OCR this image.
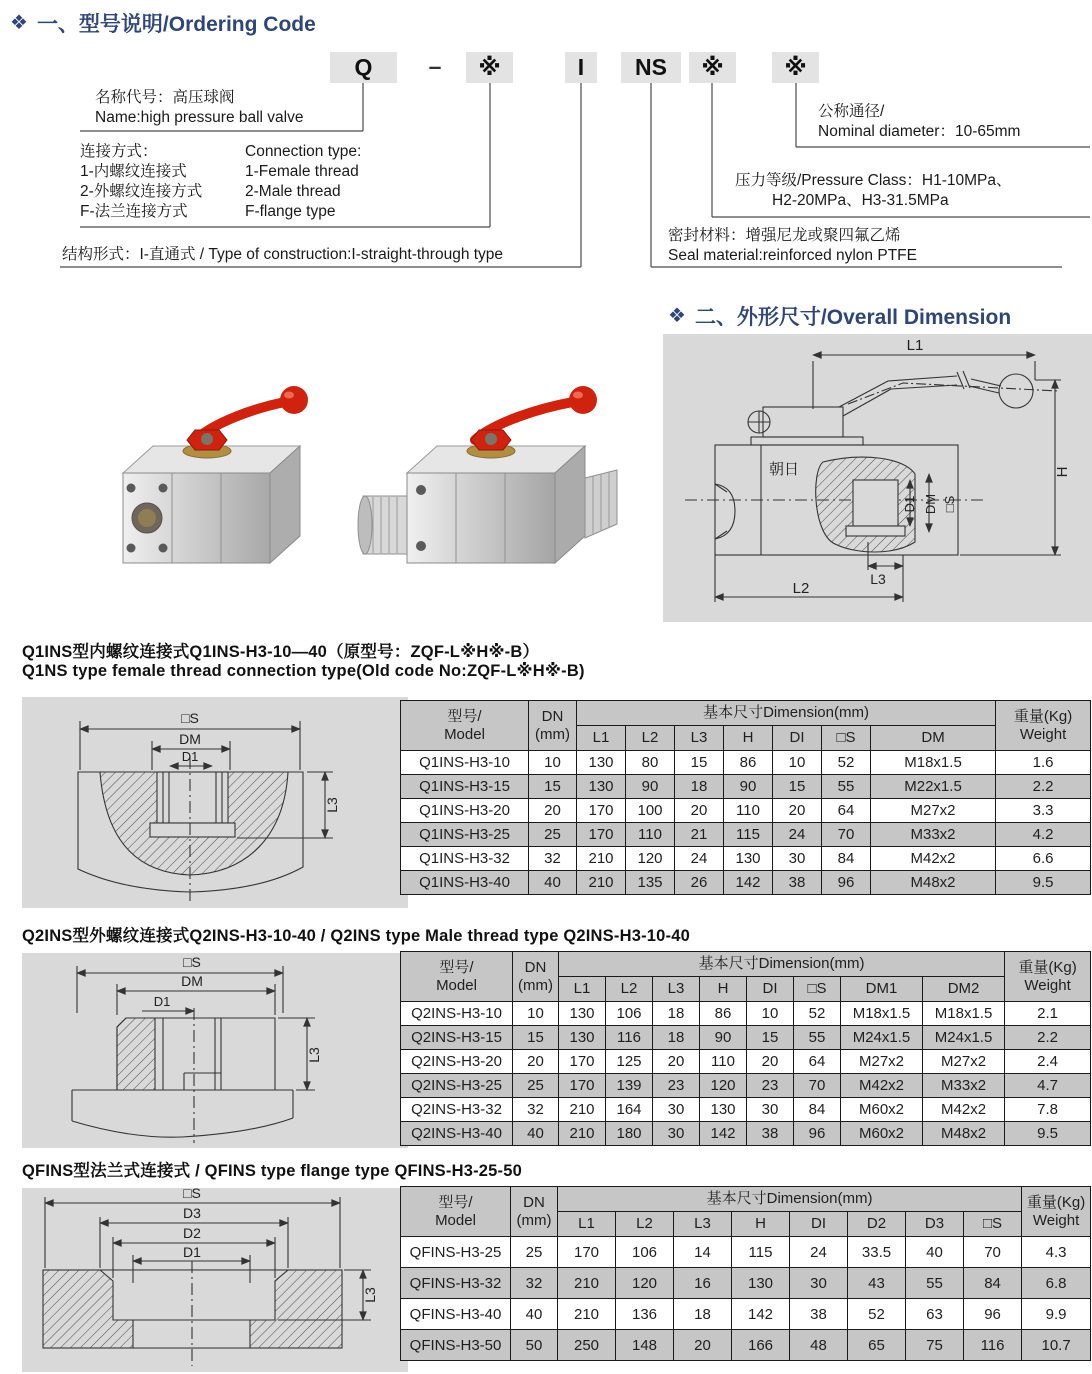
❖ 一、型号说明/Ordering Code
Q	–	※	I	NS	※	※
名称代号：高压球阀
Name:high pressure ball valve
连接方式：
1-内螺纹连接式
2-外螺纹连接方式
F-法兰连接方式
Connection type:
1-Female thread
2-Male thread
F-flange type
结构形式：I-直通式 / Type of construction:I-straight-through type
密封材料：增强尼龙或聚四氟乙烯
Seal material:reinforced nylon PTFE
压力等级/Pressure Class：H1-10MPa、
H2-20MPa、H3-31.5MPa
公称通径/
Nominal diameter：10-65mm
❖ 二、外形尺寸/Overall Dimension
L1
H
L2
L3
D1 DM □S
朝日
Q1INS型内螺纹连接式Q1INS-H3-10—40（原型号：ZQF-L※H※-B）
Q1NS type female thread connection type(Old code No:ZQF-L※H※-B)
□S
DM
D1
L3
型号/
Model	DN
(mm)	基本尺寸Dimension(mm)							重量(Kg)
Weight
		L1	L2	L3	H	DI	□S	DM	
Q1INS-H3-10	10	130	80	15	86	10	52	M18x1.5	1.6
Q1INS-H3-15	15	130	90	18	90	15	55	M22x1.5	2.2
Q1INS-H3-20	20	170	100	20	110	20	64	M27x2	3.3
Q1INS-H3-25	25	170	110	21	115	24	70	M33x2	4.2
Q1INS-H3-32	32	210	120	24	130	30	84	M42x2	6.6
Q1INS-H3-40	40	210	135	26	142	38	96	M48x2	9.5
Q2INS型外螺纹连接式Q2INS-H3-10-40 / Q2INS type Male thread type Q2INS-H3-10-40
□S
DM
D1
L3
型号/
Model	DN
(mm)	基本尺寸Dimension(mm)								重量(Kg)
Weight
		L1	L2	L3	H	DI	□S	DM1	DM2	
Q2INS-H3-10	10	130	106	18	86	10	52	M18x1.5	M18x1.5	2.1
Q2INS-H3-15	15	130	116	18	90	15	55	M24x1.5	M24x1.5	2.2
Q2INS-H3-20	20	170	125	20	110	20	64	M27x2	M27x2	2.4
Q2INS-H3-25	25	170	139	23	120	23	70	M42x2	M33x2	4.7
Q2INS-H3-32	32	210	164	30	130	30	84	M60x2	M42x2	7.8
Q2INS-H3-40	40	210	180	30	142	38	96	M60x2	M48x2	9.5
QFINS型法兰式连接式 / QFINS type flange type QFINS-H3-25-50
□S
D3
D2
D1
L3
型号/
Model	DN
(mm)	基本尺寸Dimension(mm)								重量(Kg)
Weight
		L1	L2	L3	H	DI	D2	D3	□S	
QFINS-H3-25	25	170	106	14	115	24	33.5	40	70	4.3
QFINS-H3-32	32	210	120	16	130	30	43	55	84	6.8
QFINS-H3-40	40	210	136	18	142	38	52	63	96	9.9
QFINS-H3-50	50	250	148	20	166	48	65	75	116	10.7
